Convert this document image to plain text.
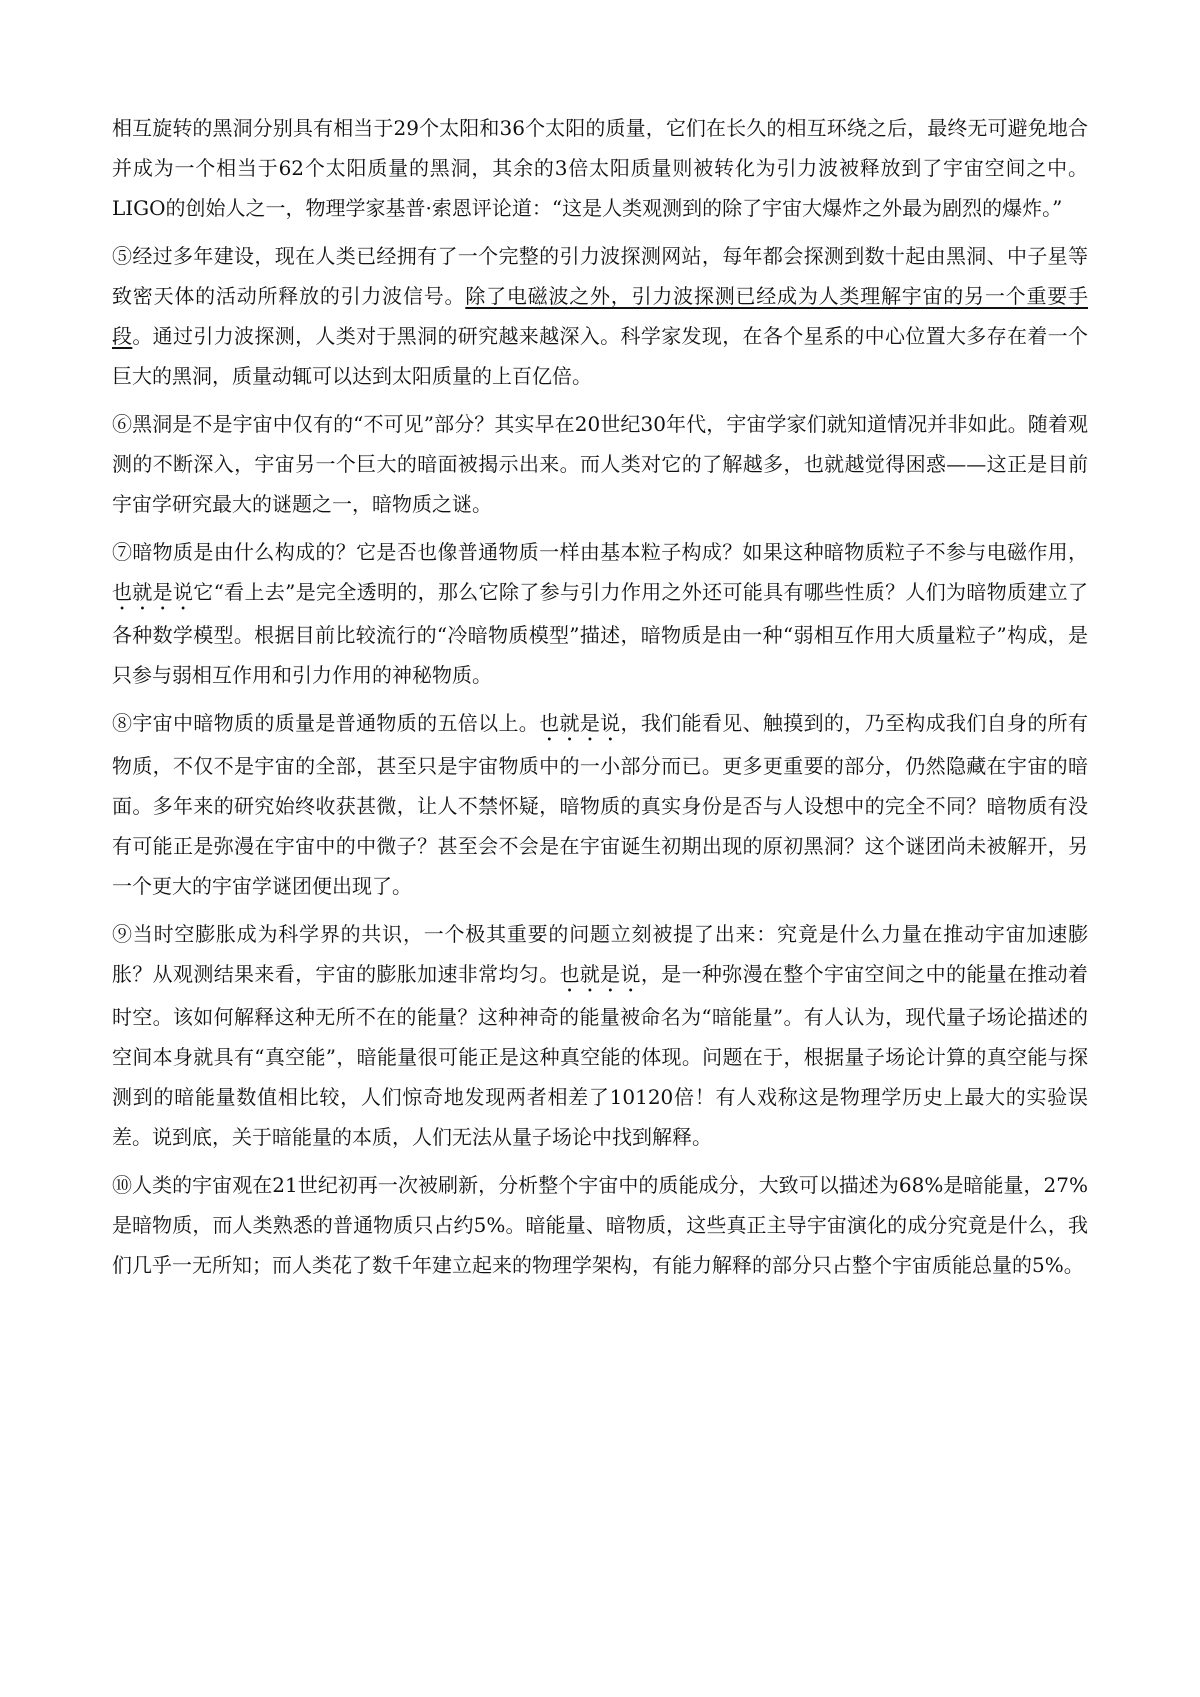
相互旋转的黑洞分别具有相当于29个太阳和36个太阳的质量，它们在长久的相互环绕之后，最终无可避免地合并成为一个相当于62个太阳质量的黑洞，其余的3倍太阳质量则被转化为引力波被释放到了宇宙空间之中。LIGO的创始人之一，物理学家基普·索恩评论道：“这是人类观测到的除了宇宙大爆炸之外最为剧烈的爆炸。”

⑤经过多年建设，现在人类已经拥有了一个完整的引力波探测网站，每年都会探测到数十起由黑洞、中子星等致密天体的活动所释放的引力波信号。除了电磁波之外，引力波探测已经成为人类理解宇宙的另一个重要手段。通过引力波探测，人类对于黑洞的研究越来越深入。科学家发现，在各个星系的中心位置大多存在着一个巨大的黑洞，质量动辄可以达到太阳质量的上百亿倍。

⑥黑洞是不是宇宙中仅有的“不可见”部分？其实早在20世纪30年代，宇宙学家们就知道情况并非如此。随着观测的不断深入，宇宙另一个巨大的暗面被揭示出来。而人类对它的了解越多，也就越觉得困惑——这正是目前宇宙学研究最大的谜题之一，暗物质之谜。

⑦暗物质是由什么构成的？它是否也像普通物质一样由基本粒子构成？如果这种暗物质粒子不参与电磁作用，也就是说它“看上去”是完全透明的，那么它除了参与引力作用之外还可能具有哪些性质？人们为暗物质建立了各种数学模型。根据目前比较流行的“冷暗物质模型”描述，暗物质是由一种“弱相互作用大质量粒子”构成，是只参与弱相互作用和引力作用的神秘物质。

⑧宇宙中暗物质的质量是普通物质的五倍以上。也就是说，我们能看见、触摸到的，乃至构成我们自身的所有物质，不仅不是宇宙的全部，甚至只是宇宙物质中的一小部分而已。更多更重要的部分，仍然隐藏在宇宙的暗面。多年来的研究始终收获甚微，让人不禁怀疑，暗物质的真实身份是否与人设想中的完全不同？暗物质有没有可能正是弥漫在宇宙中的中微子？甚至会不会是在宇宙诞生初期出现的原初黑洞？这个谜团尚未被解开，另一个更大的宇宙学谜团便出现了。

⑨当时空膨胀成为科学界的共识，一个极其重要的问题立刻被提了出来：究竟是什么力量在推动宇宙加速膨胀？从观测结果来看，宇宙的膨胀加速非常均匀。也就是说，是一种弥漫在整个宇宙空间之中的能量在推动着时空。该如何解释这种无所不在的能量？这种神奇的能量被命名为“暗能量”。有人认为，现代量子场论描述的空间本身就具有“真空能”，暗能量很可能正是这种真空能的体现。问题在于，根据量子场论计算的真空能与探测到的暗能量数值相比较，人们惊奇地发现两者相差了10120倍！有人戏称这是物理学历史上最大的实验误差。说到底，关于暗能量的本质，人们无法从量子场论中找到解释。

⑩人类的宇宙观在21世纪初再一次被刷新，分析整个宇宙中的质能成分，大致可以描述为68%是暗能量，27%是暗物质，而人类熟悉的普通物质只占约5%。暗能量、暗物质，这些真正主导宇宙演化的成分究竟是什么，我们几乎一无所知；而人类花了数千年建立起来的物理学架构，有能力解释的部分只占整个宇宙质能总量的5%。
